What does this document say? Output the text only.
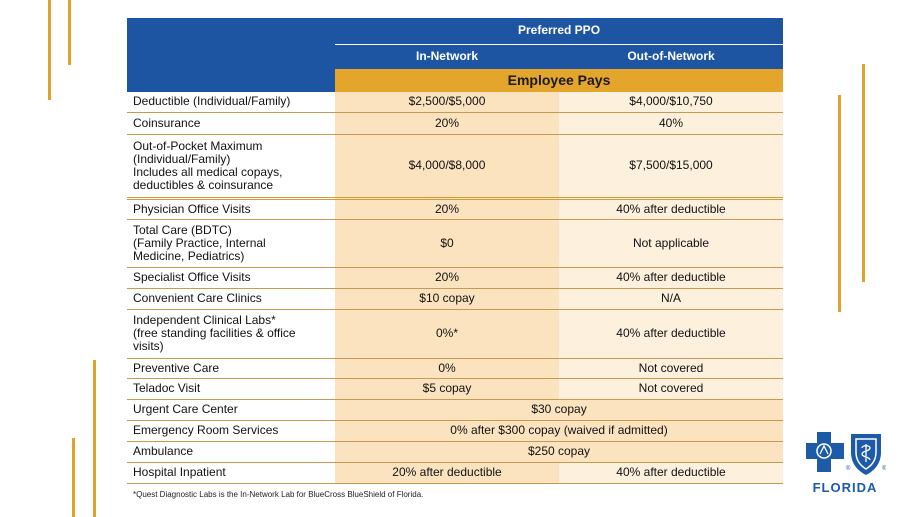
	Preferred PPO	
	In-Network	Out-of-Network
	Employee Pays	
Deductible (Individual/Family)	$2,500/$5,000	$4,000/$10,750
Coinsurance	20%	40%
Out-of-Pocket Maximum
(Individual/Family)
Includes all medical copays,
deductibles & coinsurance	$4,000/$8,000	$7,500/$15,000
Physician Office Visits	20%	40% after deductible
Total Care (BDTC)
(Family Practice, Internal
Medicine, Pediatrics)	$0	Not applicable
Specialist Office Visits	20%	40% after deductible
Convenient Care Clinics	$10 copay	N/A
Independent Clinical Labs*
(free standing facilities & office
visits)	0%*	40% after deductible
Preventive Care	0%	Not covered
Teladoc Visit	$5 copay	Not covered
Urgent Care Center	$30 copay	
Emergency Room Services	0% after $300 copay (waived if admitted)	
Ambulance	$250 copay	
Hospital Inpatient	20% after deductible	40% after deductible
*Quest Diagnostic Labs is the In-Network Lab for BlueCross BlueShield of Florida.
®	®
FLORIDA
